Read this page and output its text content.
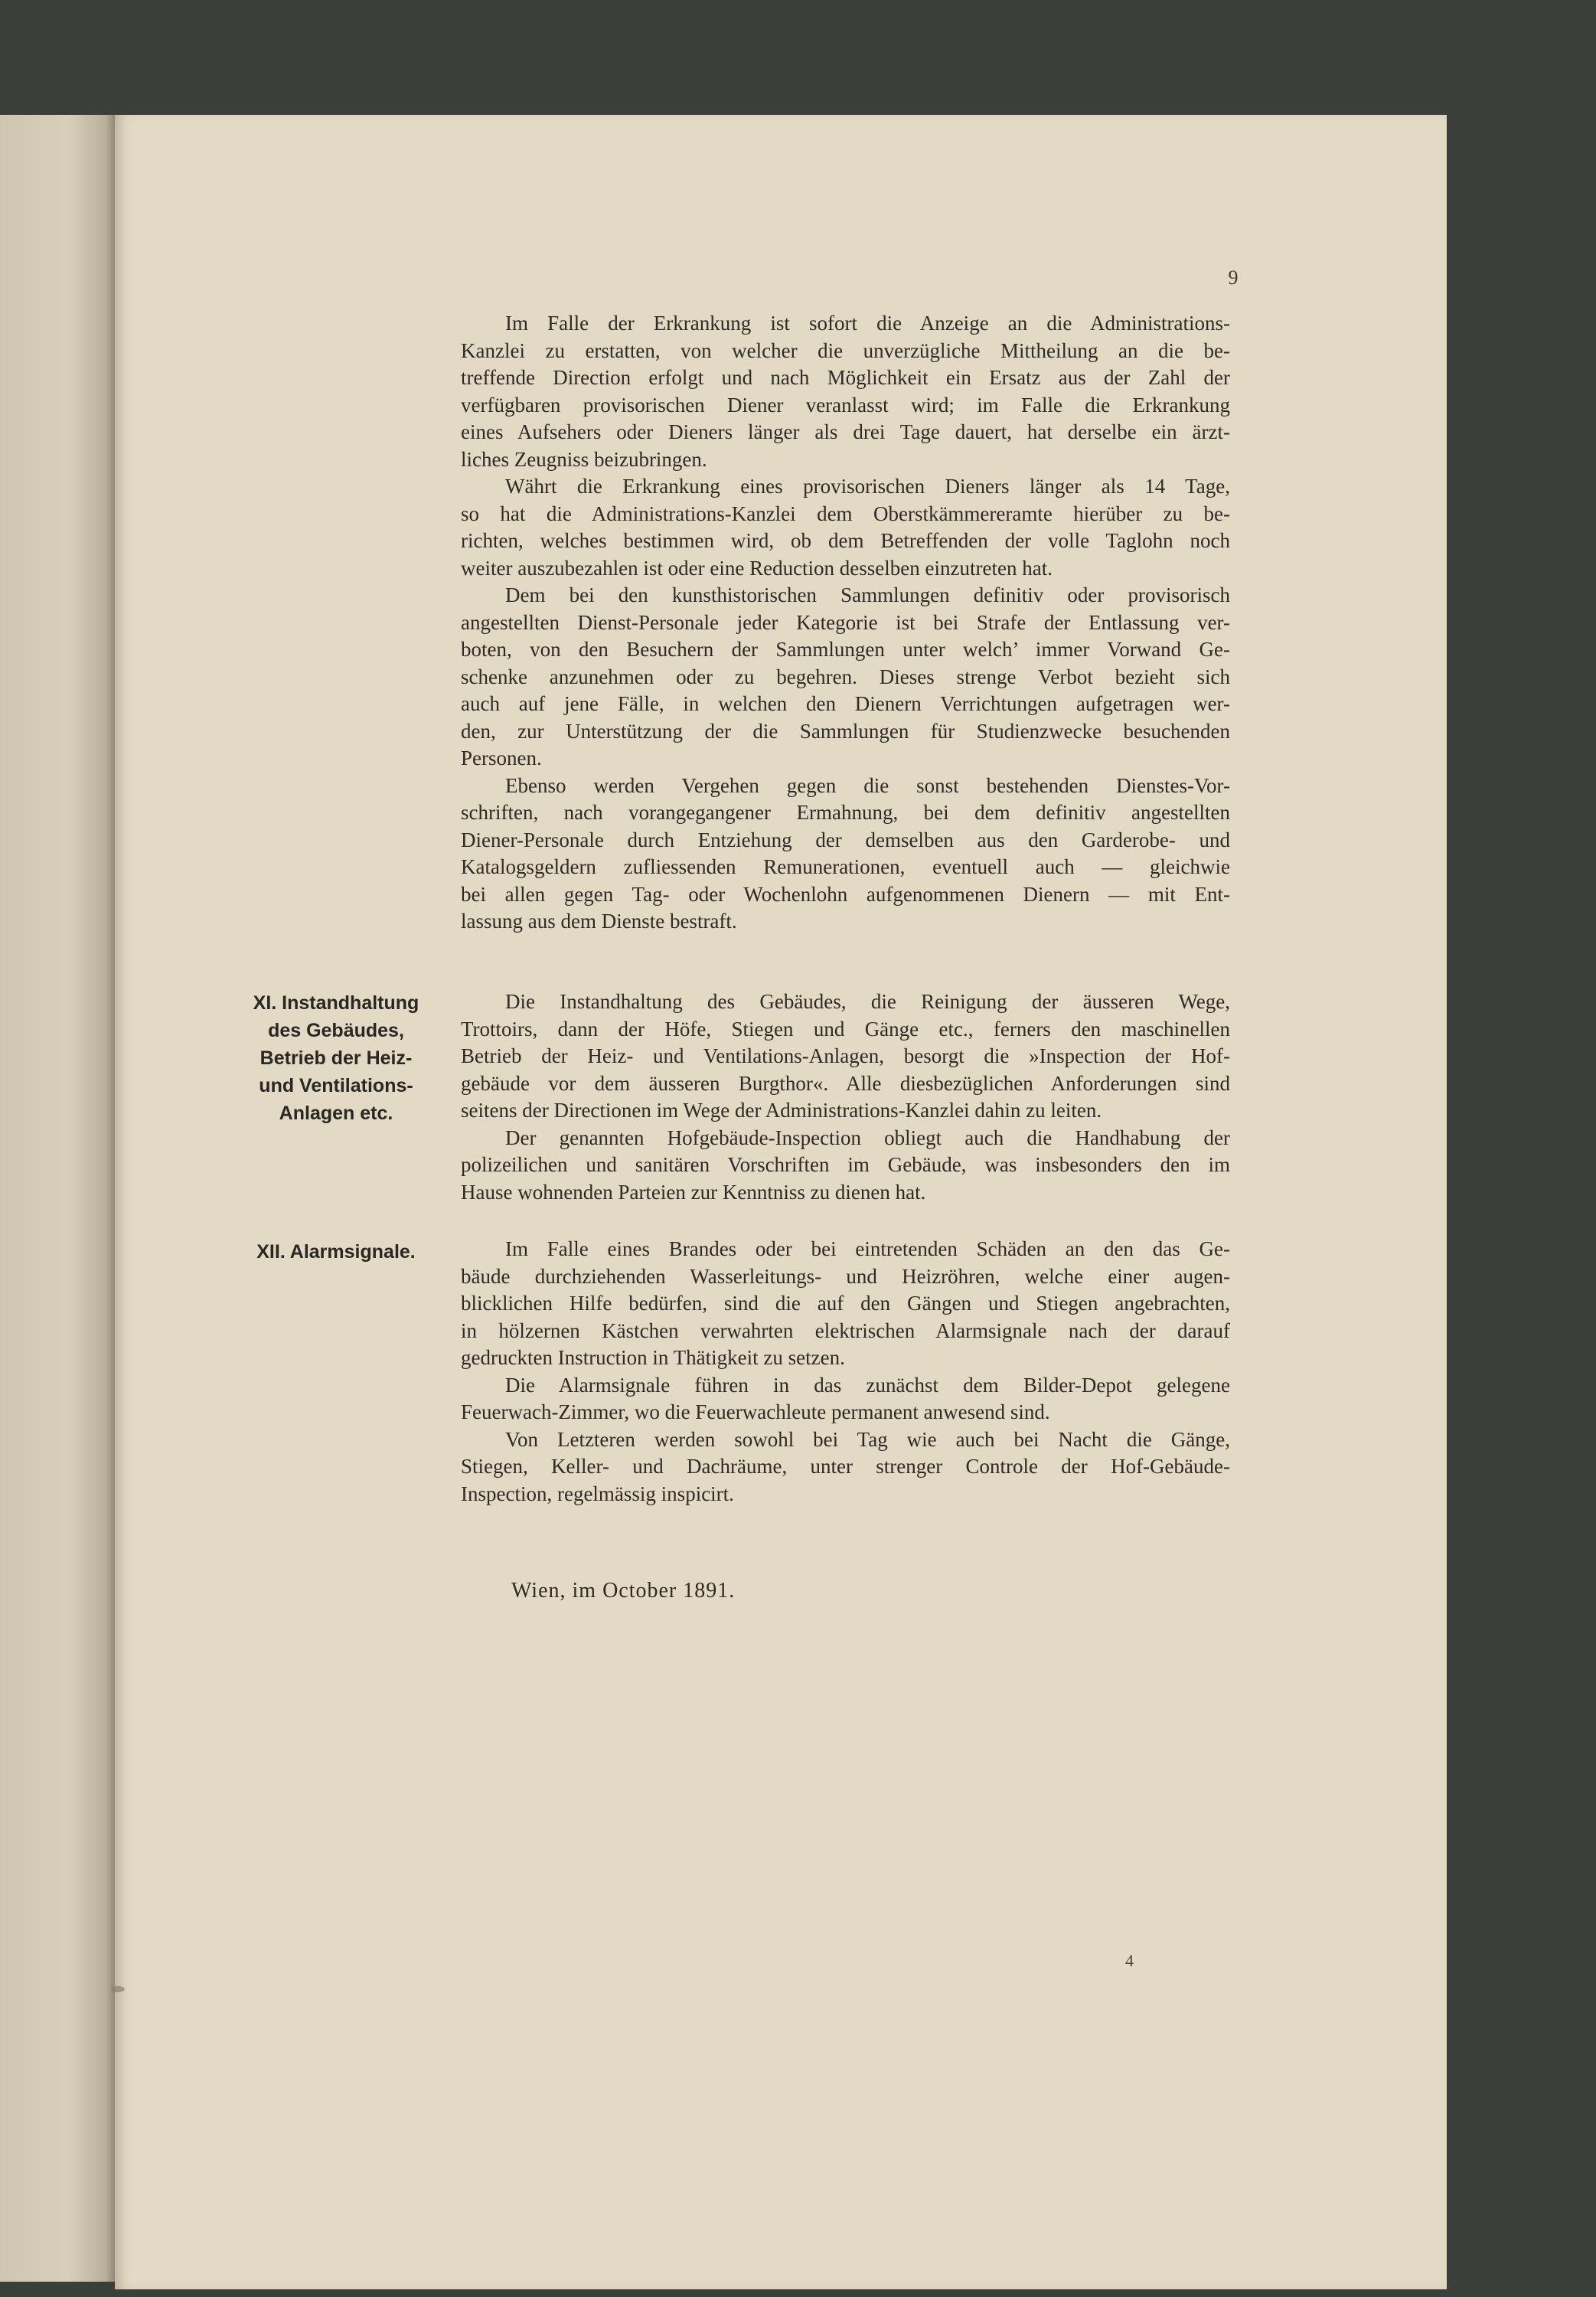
9

Im Falle der Erkrankung ist sofort die Anzeige an die Administrations-
Kanzlei zu erstatten, von welcher die unverzügliche Mittheilung an die be-
treffende Direction erfolgt und nach Möglichkeit ein Ersatz aus der Zahl der
verfügbaren provisorischen Diener veranlasst wird; im Falle die Erkrankung
eines Aufsehers oder Dieners länger als drei Tage dauert, hat derselbe ein ärzt-
liches Zeugniss beizubringen.

Währt die Erkrankung eines provisorischen Dieners länger als 14 Tage,
so hat die Administrations-Kanzlei dem Oberstkämmereramte hierüber zu be-
richten, welches bestimmen wird, ob dem Betreffenden der volle Taglohn noch
weiter auszubezahlen ist oder eine Reduction desselben einzutreten hat.

Dem bei den kunsthistorischen Sammlungen definitiv oder provisorisch
angestellten Dienst-Personale jeder Kategorie ist bei Strafe der Entlassung ver-
boten, von den Besuchern der Sammlungen unter welch’ immer Vorwand Ge-
schenke anzunehmen oder zu begehren. Dieses strenge Verbot bezieht sich
auch auf jene Fälle, in welchen den Dienern Verrichtungen aufgetragen wer-
den, zur Unterstützung der die Sammlungen für Studienzwecke besuchenden
Personen.

Ebenso werden Vergehen gegen die sonst bestehenden Dienstes-Vor-
schriften, nach vorangegangener Ermahnung, bei dem definitiv angestellten
Diener-Personale durch Entziehung der demselben aus den Garderobe- und
Katalogsgeldern zufliessenden Remunerationen, eventuell auch — gleichwie
bei allen gegen Tag- oder Wochenlohn aufgenommenen Dienern — mit Ent-
lassung aus dem Dienste bestraft.

XI. Instandhaltung
des Gebäudes,
Betrieb der Heiz-
und Ventilations-
Anlagen etc.

Die Instandhaltung des Gebäudes, die Reinigung der äusseren Wege,
Trottoirs, dann der Höfe, Stiegen und Gänge etc., ferners den maschinellen
Betrieb der Heiz- und Ventilations-Anlagen, besorgt die »Inspection der Hof-
gebäude vor dem äusseren Burgthor«. Alle diesbezüglichen Anforderungen sind
seitens der Directionen im Wege der Administrations-Kanzlei dahin zu leiten.

Der genannten Hofgebäude-Inspection obliegt auch die Handhabung der
polizeilichen und sanitären Vorschriften im Gebäude, was insbesonders den im
Hause wohnenden Parteien zur Kenntniss zu dienen hat.

XII. Alarmsignale.	Im Falle eines Brandes oder bei eintretenden Schäden an den das Ge-
bäude durchziehenden Wasserleitungs- und Heizröhren, welche einer augen-
blicklichen Hilfe bedürfen, sind die auf den Gängen und Stiegen angebrachten,
in hölzernen Kästchen verwahrten elektrischen Alarmsignale nach der darauf
gedruckten Instruction in Thätigkeit zu setzen.

Die Alarmsignale führen in das zunächst dem Bilder-Depot gelegene
Feuerwach-Zimmer, wo die Feuerwachleute permanent anwesend sind.

Von Letzteren werden sowohl bei Tag wie auch bei Nacht die Gänge,
Stiegen, Keller- und Dachräume, unter strenger Controle der Hof-Gebäude-
Inspection, regelmässig inspicirt.

Wien, im October 1891.
4
